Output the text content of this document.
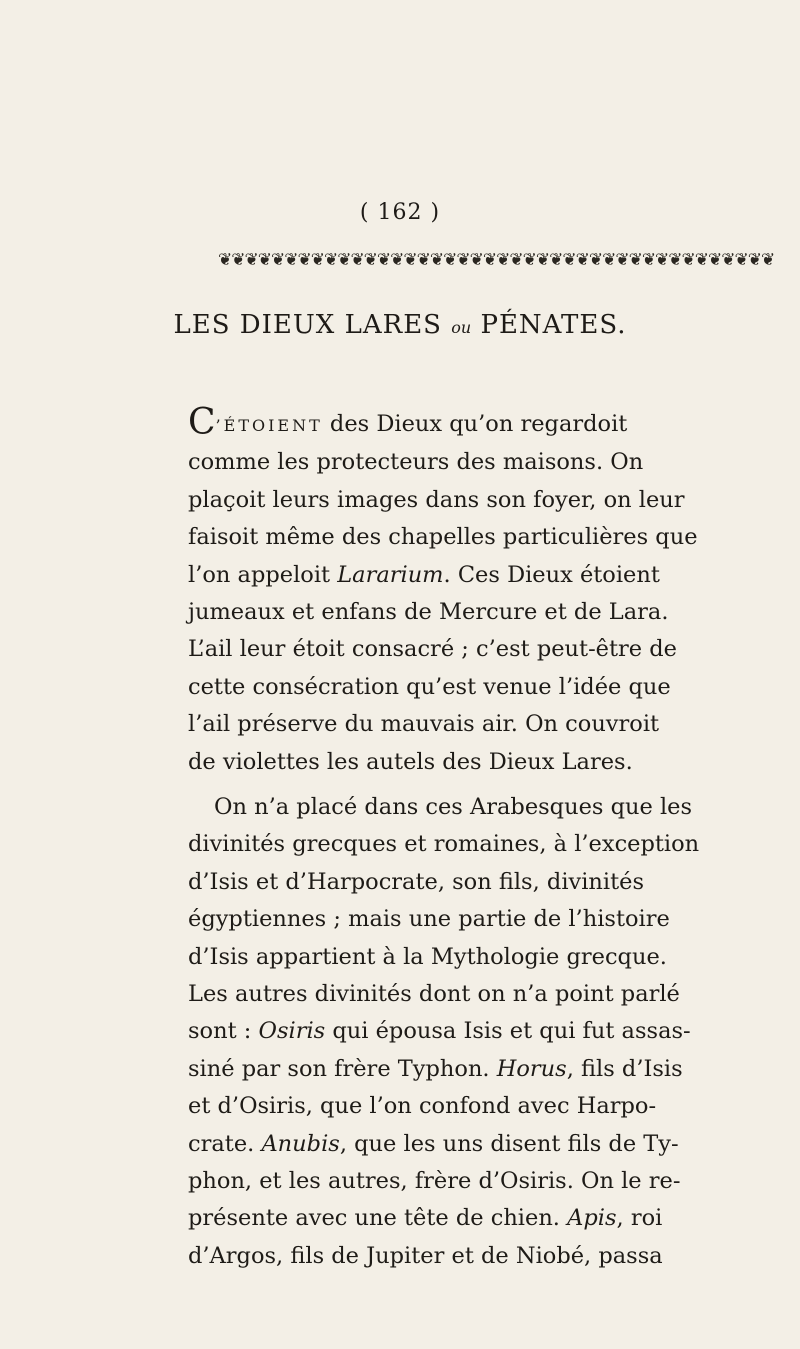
( 162 )
❦❦❦❦❦❦❦❦❦❦❦❦❦❦❦❦❦❦❦❦❦❦❦❦❦❦❦❦❦❦❦❦❦❦❦❦❦❦❦❦❦❦
LES DIEUX LARES ou PÉNATES.
C’ÉTOIENT des Dieux qu’on regardoit
comme les protecteurs des maisons. On
plaçoit leurs images dans son foyer, on leur
faisoit même des chapelles particulières que
l’on appeloit Lararium. Ces Dieux étoient
jumeaux et enfans de Mercure et de Lara.
L’ail leur étoit consacré ; c’est peut-être de
cette consécration qu’est venue l’idée que
l’ail préserve du mauvais air. On couvroit
de violettes les autels des Dieux Lares.
On n’a placé dans ces Arabesques que les
divinités grecques et romaines, à l’exception
d’Isis et d’Harpocrate, son fils, divinités
égyptiennes ; mais une partie de l’histoire
d’Isis appartient à la Mythologie grecque.
Les autres divinités dont on n’a point parlé
sont : Osiris qui épousa Isis et qui fut assas-
siné par son frère Typhon. Horus, fils d’Isis
et d’Osiris, que l’on confond avec Harpo-
crate. Anubis, que les uns disent fils de Ty-
phon, et les autres, frère d’Osiris. On le re-
présente avec une tête de chien. Apis, roi
d’Argos, fils de Jupiter et de Niobé, passa
